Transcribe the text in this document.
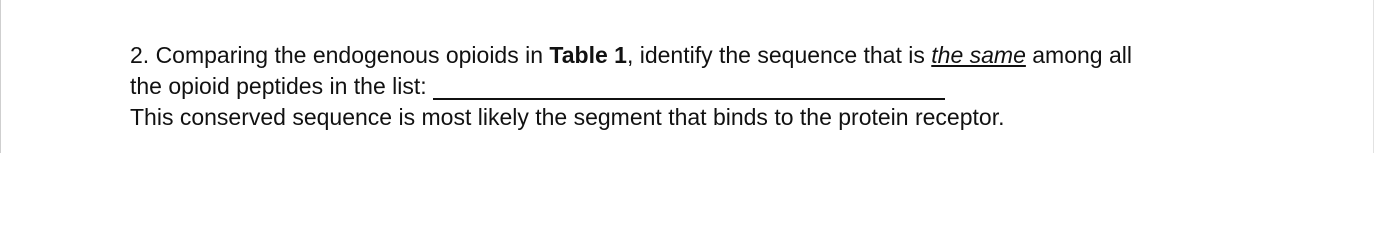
2. Comparing the endogenous opioids in Table 1, identify the sequence that is the same among all
the opioid peptides in the list:
This conserved sequence is most likely the segment that binds to the protein receptor.
